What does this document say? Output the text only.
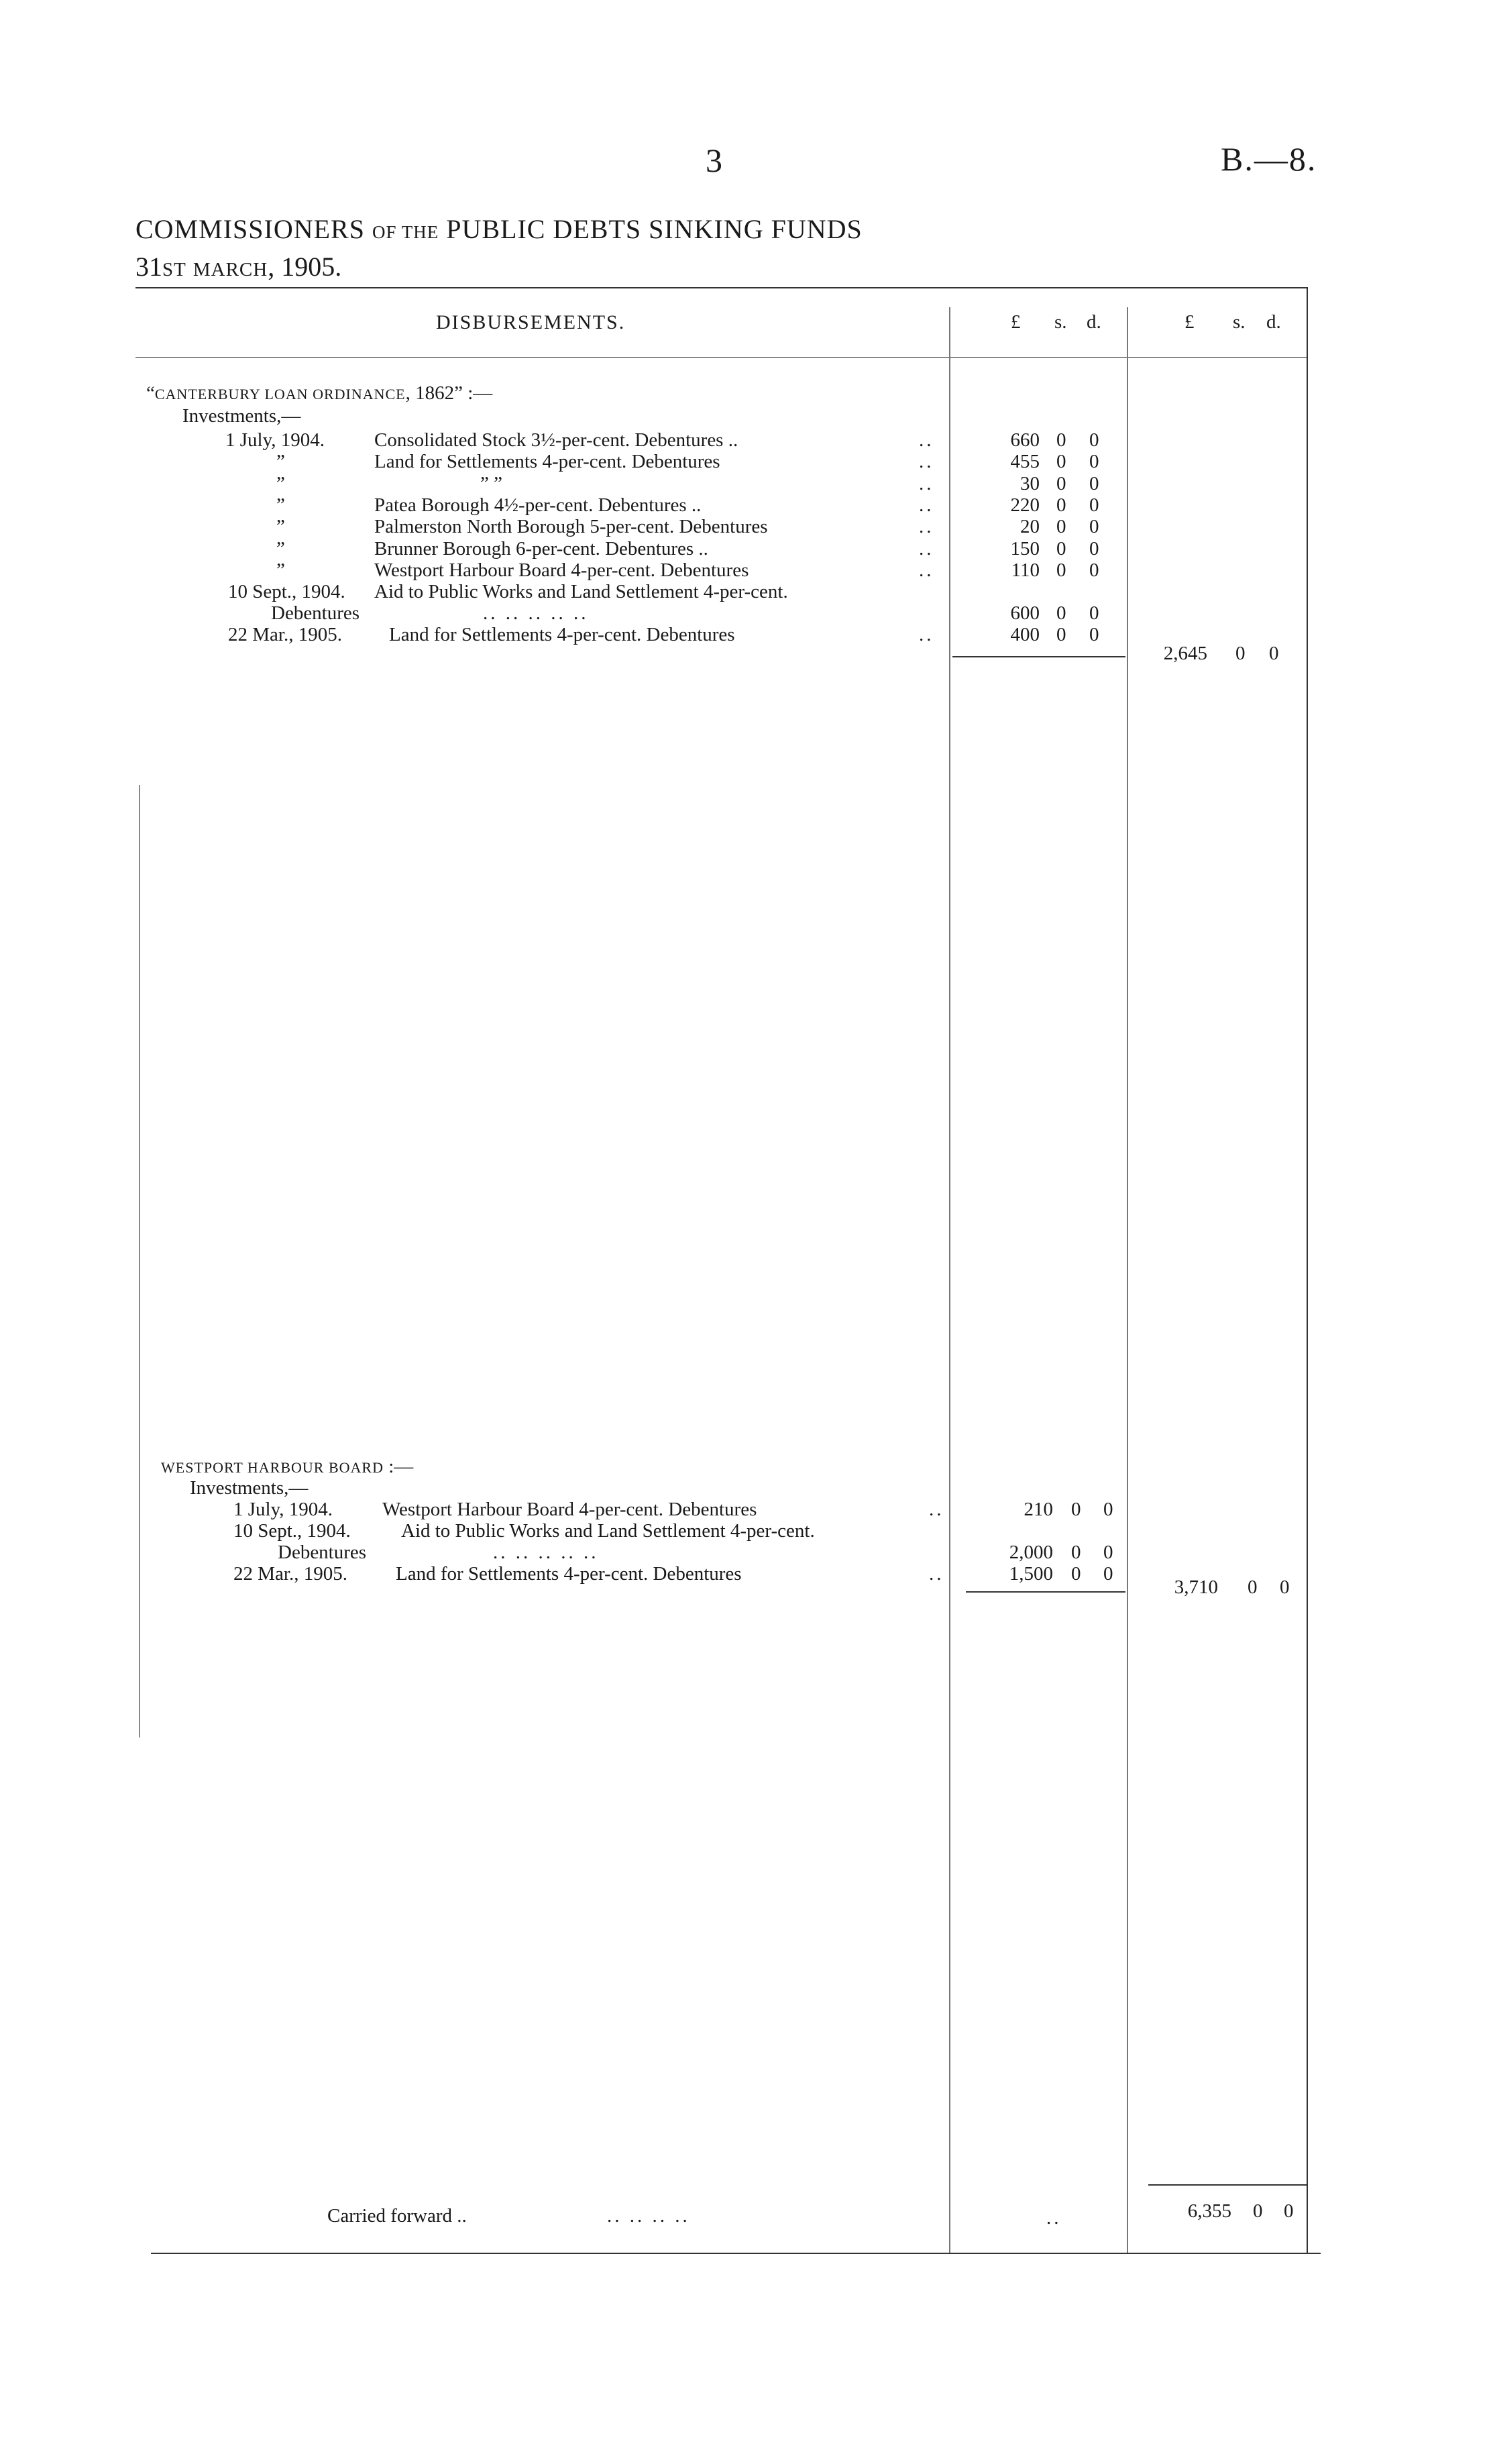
3	B.—8.
COMMISSIONERS OF THE PUBLIC DEBTS SINKING FUNDS
31ST MARCH, 1905.
DISBURSEMENTS.	£ s. d.	£ s. d.
“CANTERBURY LOAN ORDINANCE, 1862” :—
Investments,—
1 July, 1904.	Consolidated Stock 3½-per-cent. Debentures ..	..	660 0 0
”	Land for Settlements 4-per-cent. Debentures	..	455 0 0
”	” ”	..	30 0 0
”	Patea Borough 4½-per-cent. Debentures ..	..	220 0 0
”	Palmerston North Borough 5-per-cent. Debentures	..	20 0 0
”	Brunner Borough 6-per-cent. Debentures ..	..	150 0 0
”	Westport Harbour Board 4-per-cent. Debentures	..	110 0 0
10 Sept., 1904. Aid to Public Works and Land Settlement 4-per-cent.
Debentures	.. .. .. .. ..	600 0 0
22 Mar., 1905. Land for Settlements 4-per-cent. Debentures	..	400 0 0
2,645 0 0
WESTPORT HARBOUR BOARD :—
Investments,—
1 July, 1904.	Westport Harbour Board 4-per-cent. Debentures	..	210 0 0
10 Sept., 1904.	Aid to Public Works and Land Settlement 4-per-cent.
Debentures	.. .. .. .. ..	2,000 0 0
22 Mar., 1905. Land for Settlements 4-per-cent. Debentures	..	1,500 0 0
3,710 0 0
Carried forward ..	.. .. .. ..	..	6,355 0 0
